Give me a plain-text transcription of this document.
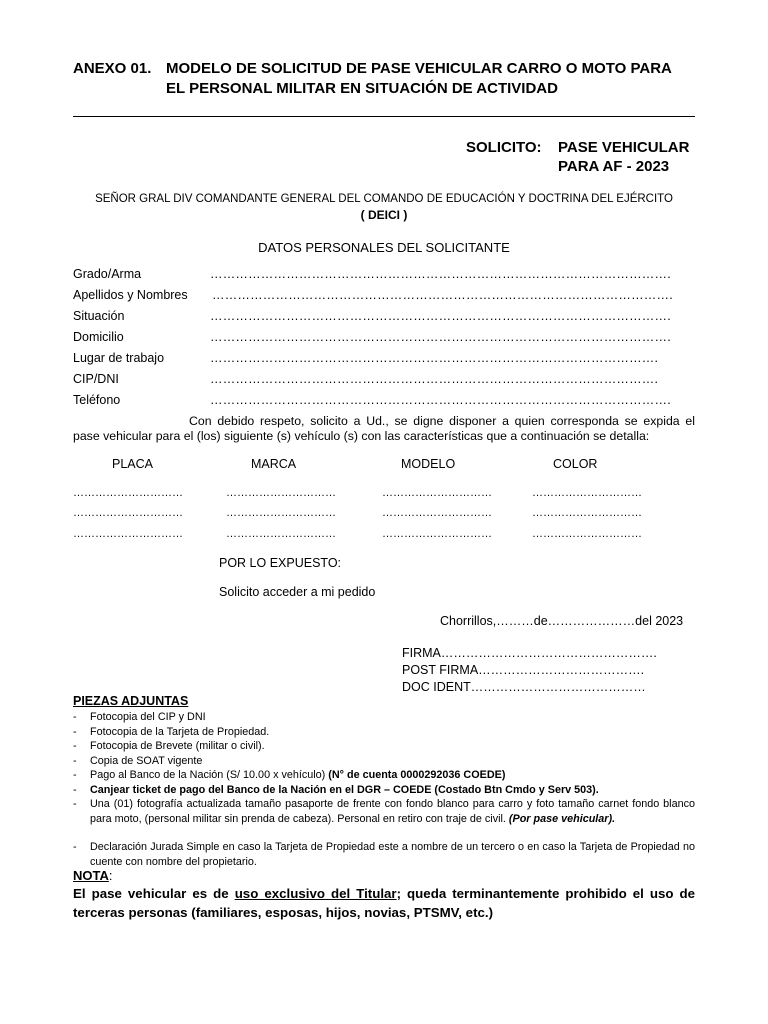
ANEXO 01. MODELO DE SOLICITUD DE PASE VEHICULAR CARRO O MOTO PARA
EL PERSONAL MILITAR EN SITUACIÓN DE ACTIVIDAD
SOLICITO: PASE VEHICULAR
PARA AF - 2023
SEÑOR GRAL DIV COMANDANTE GENERAL DEL COMANDO DE EDUCACIÓN Y DOCTRINA DEL EJÉRCITO
( DEICI )
DATOS PERSONALES DEL SOLICITANTE
Grado/Arma	……………………………………………………………………………………………….
Apellidos y Nombres ……………………………………………………………………………………………….
Situación	……………………………………………………………………………………………….
Domicilio	……………………………………………………………………………………………….
Lugar de trabajo	…………………………………………………………………………………………….
CIP/DNI	…………………………………………………………………………………………….
Teléfono	……………………………………………………………………………………………….
Con debido respeto, solicito a Ud., se digne disponer a quien corresponda se expida el
pase vehicular para el (los) siguiente (s) vehículo (s) con las características que a continuación se detalla:
PLACA	MARCA	MODELO	COLOR
…………………………	…………………………	…………………………	…………………………
…………………………	…………………………	…………………………	…………………………
…………………………	…………………………	…………………………	…………………………
POR LO EXPUESTO:
Solicito acceder a mi pedido
Chorrillos,………de…………………del 2023
FIRMA…………………………………………….
POST FIRMA………………………………….
DOC IDENT……………………………………
PIEZAS ADJUNTAS
- Fotocopia del CIP y DNI
- Fotocopia de la Tarjeta de Propiedad.
- Fotocopia de Brevete (militar o civil).
- Copia de SOAT vigente
- Pago al Banco de la Nación (S/ 10.00 x vehículo) (N° de cuenta 0000292036 COEDE)
- Canjear ticket de pago del Banco de la Nación en el DGR – COEDE (Costado Btn Cmdo y Serv 503).
- Una (01) fotografía actualizada tamaño pasaporte de frente con fondo blanco para carro y foto tamaño carnet fondo blanco para moto, (personal militar sin prenda de cabeza). Personal en retiro con traje de civil. (Por pase vehicular).
- Declaración Jurada Simple en caso la Tarjeta de Propiedad este a nombre de un tercero o en caso la Tarjeta de Propiedad no cuente con nombre del propietario.
NOTA:
El pase vehicular es de uso exclusivo del Titular; queda terminantemente prohibido el uso de terceras personas (familiares, esposas, hijos, novias, PTSMV, etc.)
